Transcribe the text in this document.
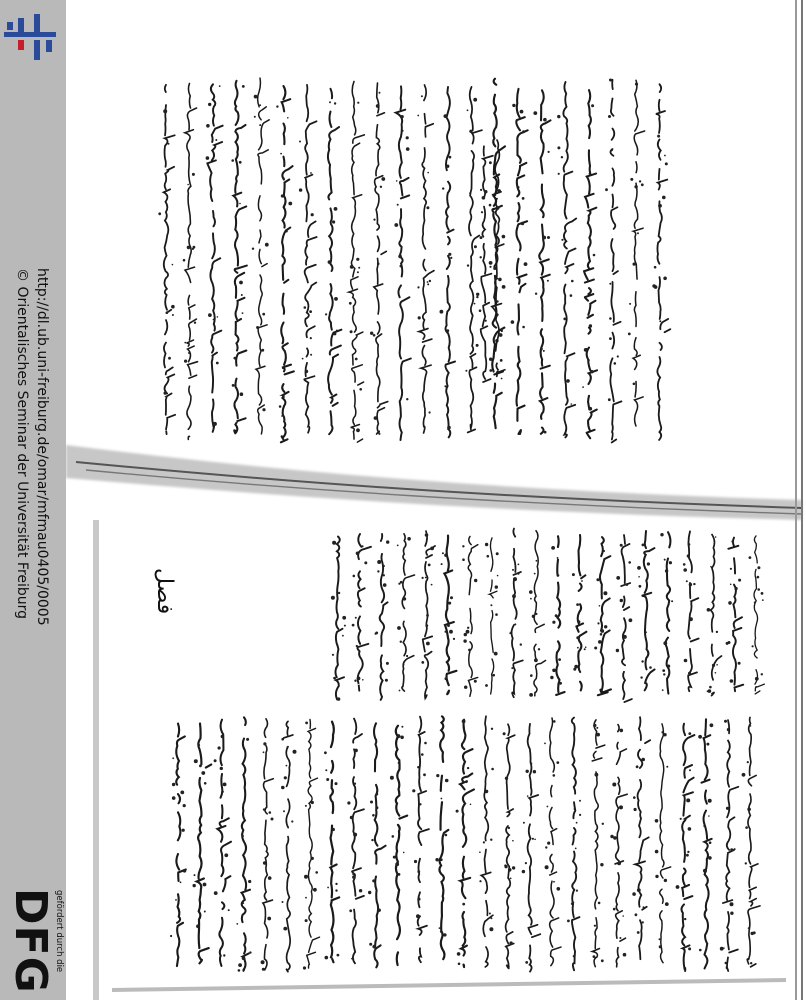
http://dl.ub.uni-freiburg.de/omar/mfmau0405/0005
© Orientalisches Seminar der Universität Freiburg
gefördert durch die
DFG
فصل
